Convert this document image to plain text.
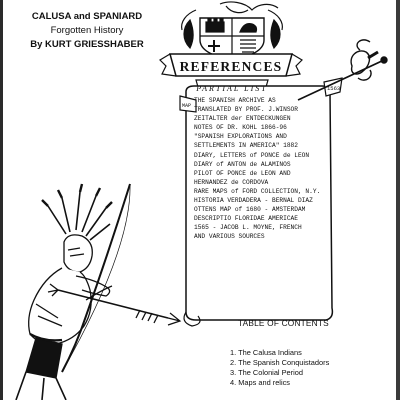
CALUSA and SPANIARD
Forgotten History
By KURT GRIESSHABER
REFERENCES
PARTIAL LIST
MAP
1563
THE SPANISH ARCHIVE AS
TRANSLATED BY PROF. J.WINSOR
ZEITALTER der ENTDECKUNGEN
NOTES OF DR. KOHL 1866-96
"SPANISH EXPLORATIONS AND
SETTLEMENTS IN AMERICA" 1882
DIARY, LETTERS of PONCE de LEON
DIARY of ANTON de ALAMINOS
PILOT OF PONCE de LEON AND
HERNANDEZ de CORDOVA
RARE MAPS of FORD COLLECTION, N.Y.
HISTORIA VERDADERA - BERNAL DIAZ
OTTENS MAP of 1680 - AMSTERDAM
DESCRIPTIO FLORIDAE AMERICAE
1565 - JACOB L. MOYNE, FRENCH
AND VARIOUS SOURCES
TABLE OF CONTENTS
1. The Calusa Indians
2. The Spanish Conquistadors
3. The Colonial Period
4. Maps and relics
